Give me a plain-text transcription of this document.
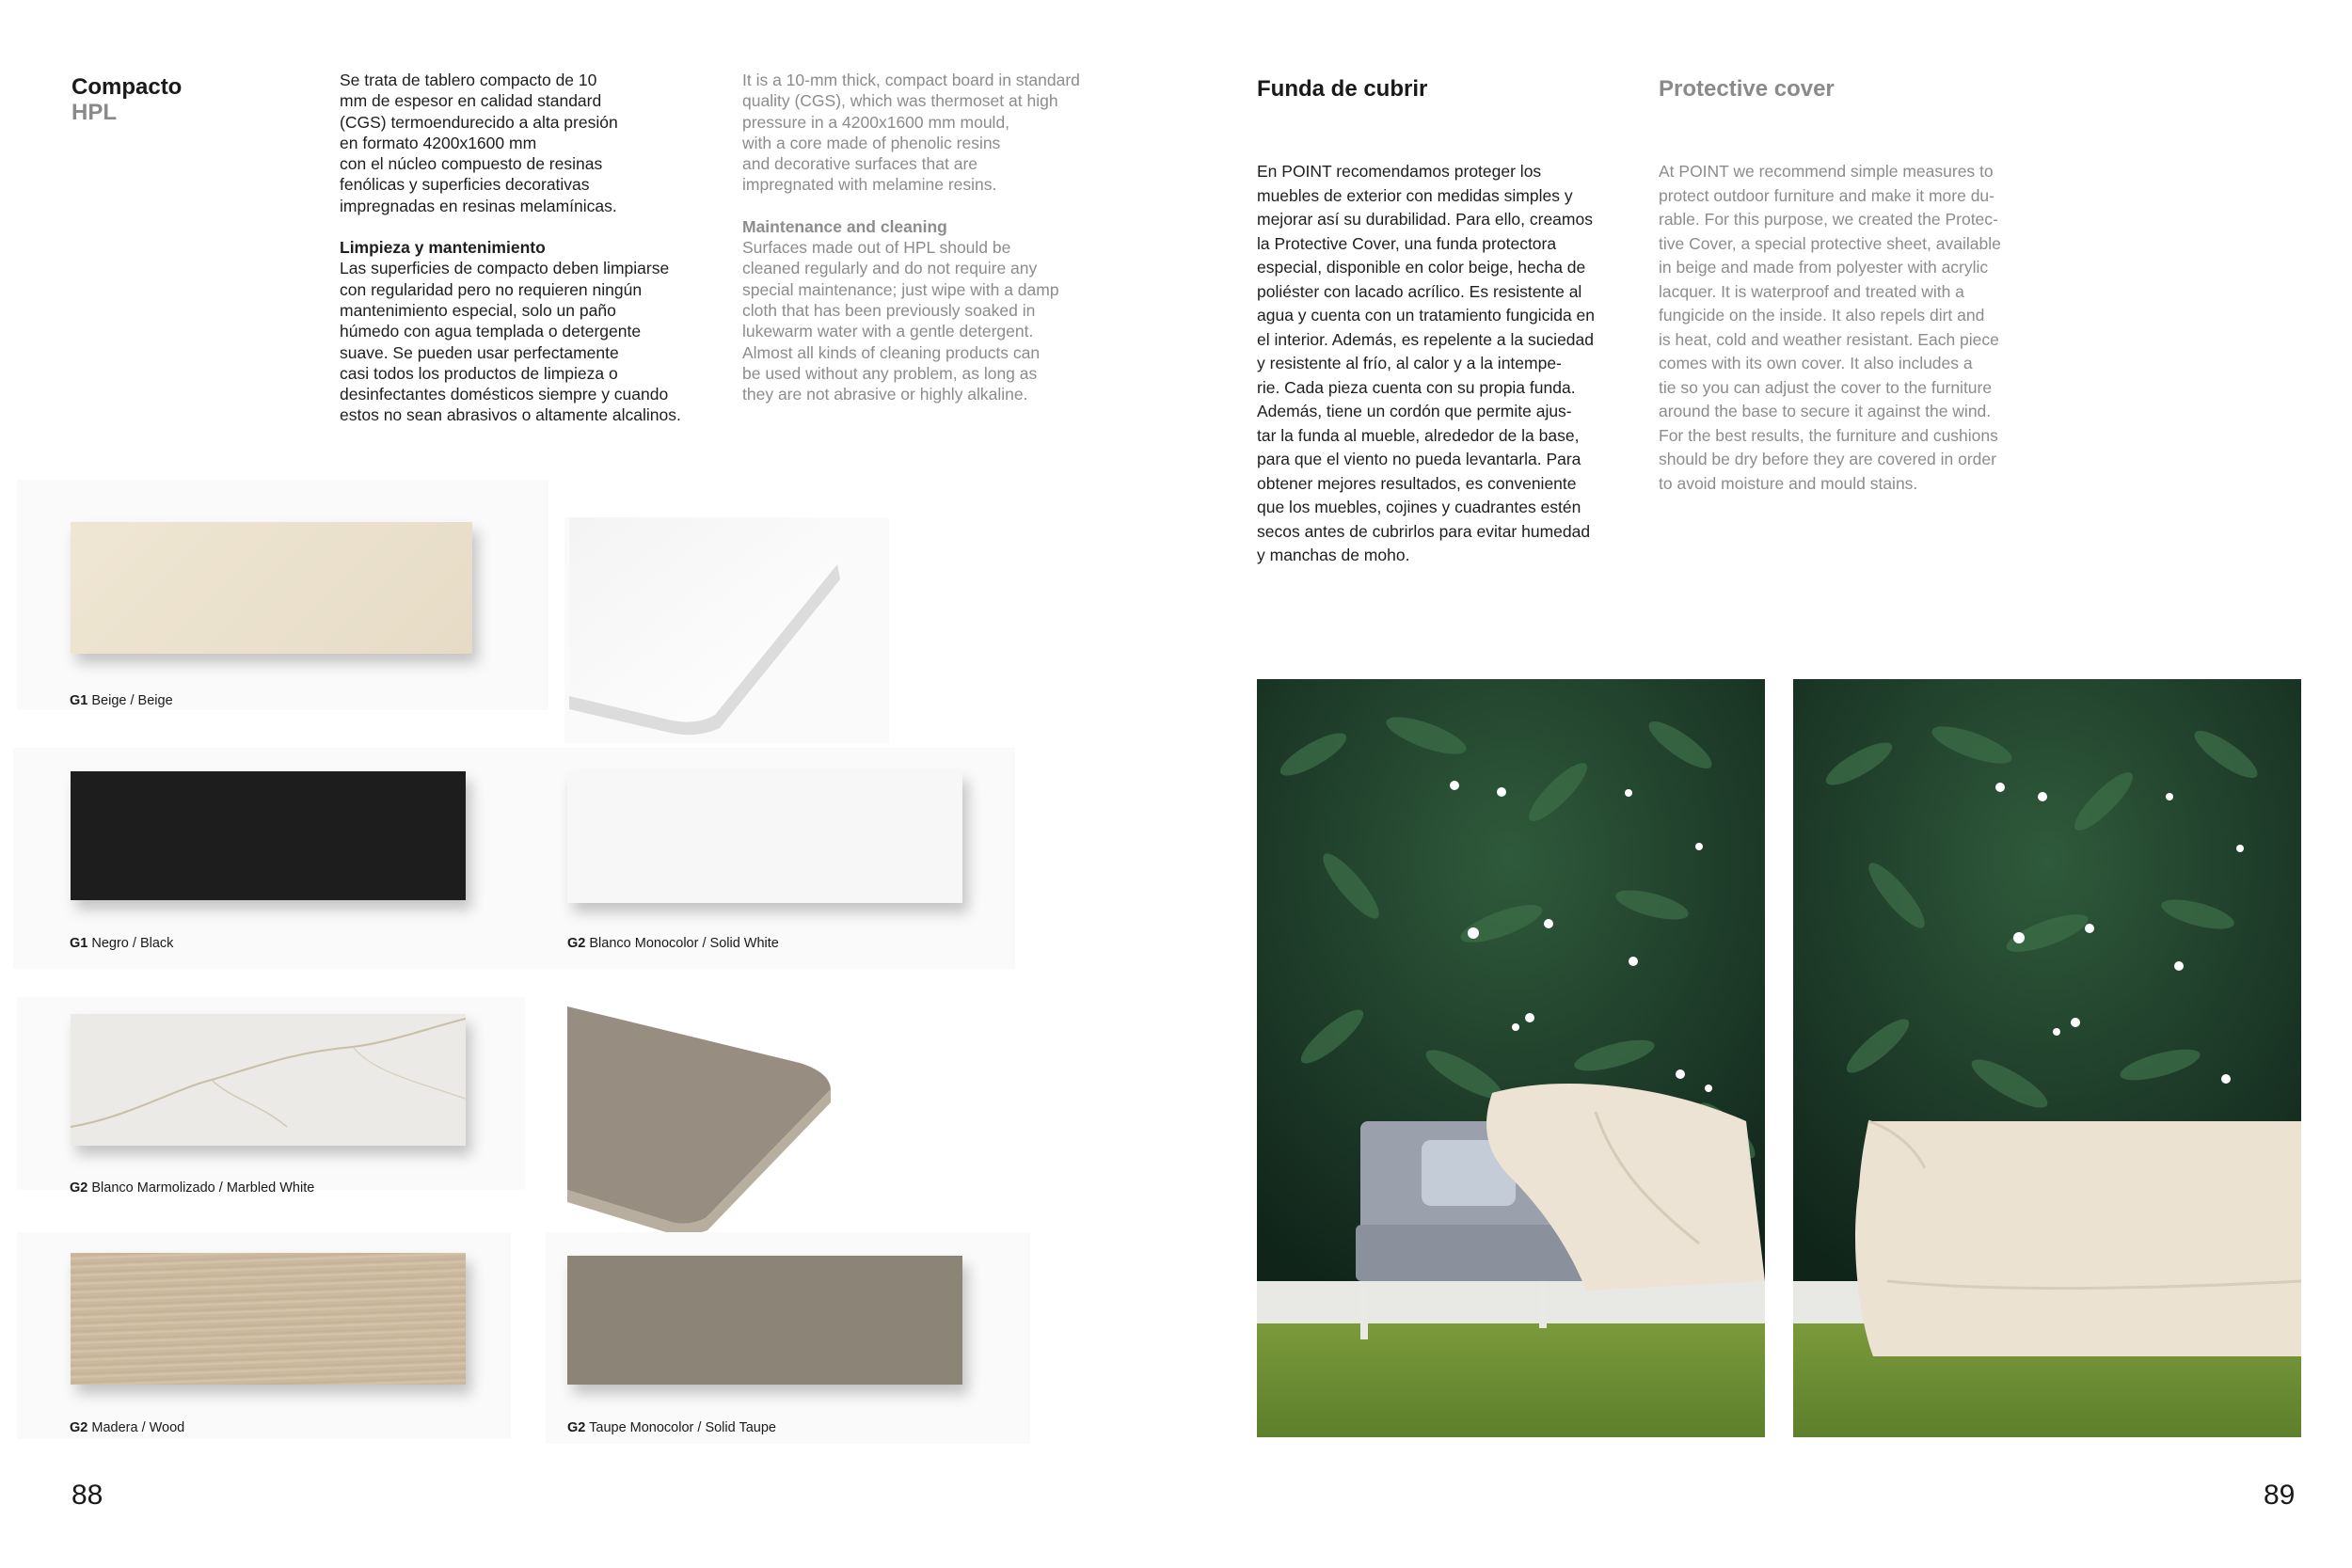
Compacto
HPL
Se trata de tablero compacto de 10
mm de espesor en calidad standard
(CGS) termoendurecido a alta presión
en formato 4200x1600 mm
con el núcleo compuesto de resinas
fenólicas y superficies decorativas
impregnadas en resinas melamínicas.
Limpieza y mantenimiento
Las superficies de compacto deben limpiarse
con regularidad pero no requieren ningún
mantenimiento especial, solo un paño
húmedo con agua templada o detergente
suave. Se pueden usar perfectamente
casi todos los productos de limpieza o
desinfectantes domésticos siempre y cuando
estos no sean abrasivos o altamente alcalinos.
It is a 10-mm thick, compact board in standard
quality (CGS), which was thermoset at high
pressure in a 4200x1600 mm mould,
with a core made of phenolic resins
and decorative surfaces that are
impregnated with melamine resins.
Maintenance and cleaning
Surfaces made out of HPL should be
cleaned regularly and do not require any
special maintenance; just wipe with a damp
cloth that has been previously soaked in
lukewarm water with a gentle detergent.
Almost all kinds of cleaning products can
be used without any problem, as long as
they are not abrasive or highly alkaline.
G1 Beige / Beige
G1 Negro / Black	G2 Blanco Monocolor / Solid White
G2 Blanco Marmolizado / Marbled White
G2 Madera / Wood	G2 Taupe Monocolor / Solid Taupe
88
Funda de cubrir	Protective cover
En POINT recomendamos proteger los
muebles de exterior con medidas simples y
mejorar así su durabilidad. Para ello, creamos
la Protective Cover, una funda protectora
especial, disponible en color beige, hecha de
poliéster con lacado acrílico. Es resistente al
agua y cuenta con un tratamiento fungicida en
el interior. Además, es repelente a la suciedad
y resistente al frío, al calor y a la intempe-
rie. Cada pieza cuenta con su propia funda.
Además, tiene un cordón que permite ajus-
tar la funda al mueble, alrededor de la base,
para que el viento no pueda levantarla. Para
obtener mejores resultados, es conveniente
que los muebles, cojines y cuadrantes estén
secos antes de cubrirlos para evitar humedad
y manchas de moho.
At POINT we recommend simple measures to
protect outdoor furniture and make it more du-
rable. For this purpose, we created the Protec-
tive Cover, a special protective sheet, available
in beige and made from polyester with acrylic
lacquer. It is waterproof and treated with a
fungicide on the inside. It also repels dirt and
is heat, cold and weather resistant. Each piece
comes with its own cover. It also includes a
tie so you can adjust the cover to the furniture
around the base to secure it against the wind.
For the best results, the furniture and cushions
should be dry before they are covered in order
to avoid moisture and mould stains.
89
